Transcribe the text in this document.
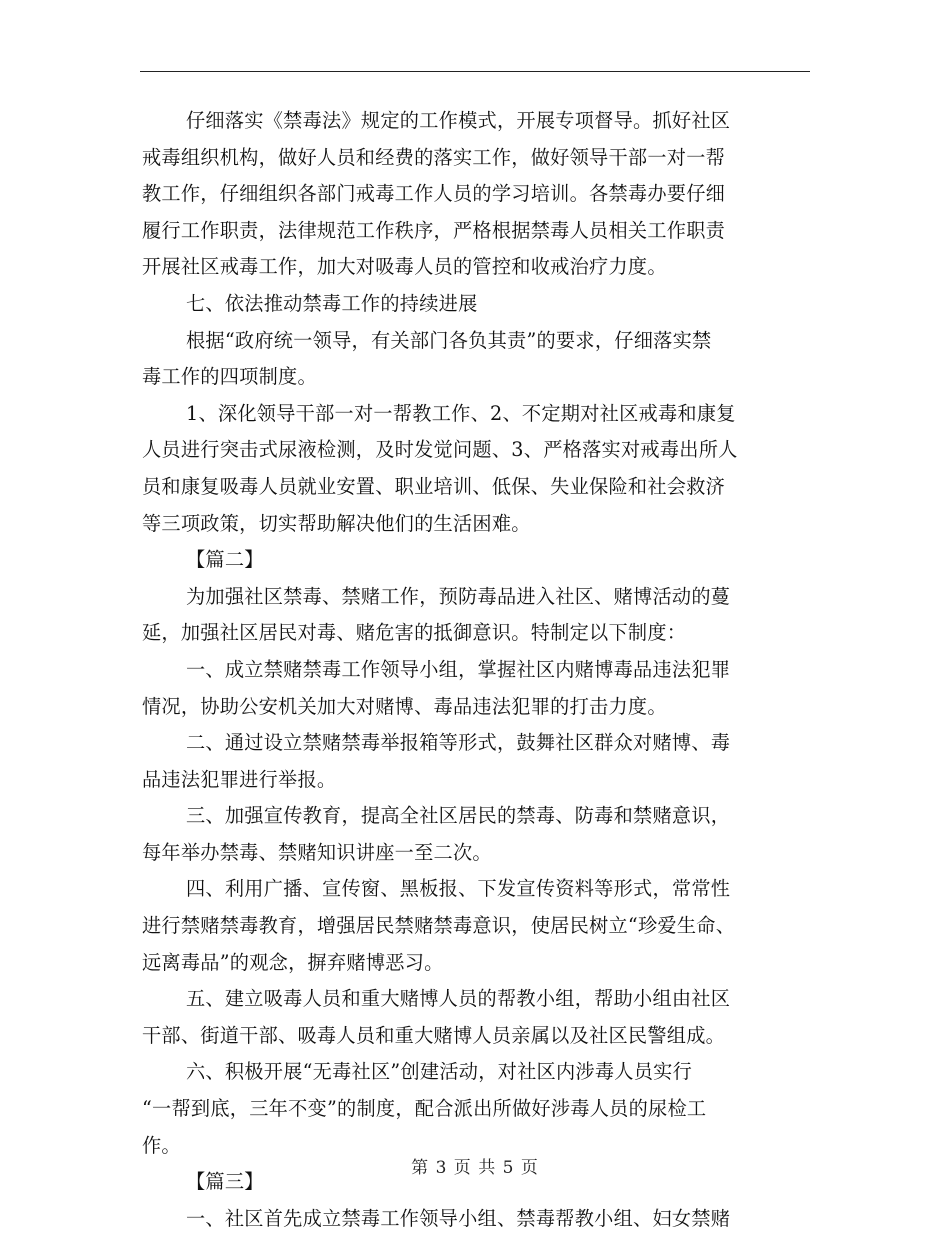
仔细落实《禁毒法》规定的工作模式，开展专项督导。抓好社区
戒毒组织机构，做好人员和经费的落实工作，做好领导干部一对一帮
教工作，仔细组织各部门戒毒工作人员的学习培训。各禁毒办要仔细
履行工作职责，法律规范工作秩序，严格根据禁毒人员相关工作职责
开展社区戒毒工作，加大对吸毒人员的管控和收戒治疗力度。
七、依法推动禁毒工作的持续进展
根据“政府统一领导，有关部门各负其责”的要求，仔细落实禁
毒工作的四项制度。
1、深化领导干部一对一帮教工作、2、不定期对社区戒毒和康复
人员进行突击式尿液检测，及时发觉问题、3、严格落实对戒毒出所人
员和康复吸毒人员就业安置、职业培训、低保、失业保险和社会救济
等三项政策，切实帮助解决他们的生活困难。
【篇二】
为加强社区禁毒、禁赌工作，预防毒品进入社区、赌博活动的蔓
延，加强社区居民对毒、赌危害的抵御意识。特制定以下制度：
一、成立禁赌禁毒工作领导小组，掌握社区内赌博毒品违法犯罪
情况，协助公安机关加大对赌博、毒品违法犯罪的打击力度。
二、通过设立禁赌禁毒举报箱等形式，鼓舞社区群众对赌博、毒
品违法犯罪进行举报。
三、加强宣传教育，提高全社区居民的禁毒、防毒和禁赌意识，
每年举办禁毒、禁赌知识讲座一至二次。
四、利用广播、宣传窗、黑板报、下发宣传资料等形式，常常性
进行禁赌禁毒教育，增强居民禁赌禁毒意识，使居民树立“珍爱生命、
远离毒品”的观念，摒弃赌博恶习。
五、建立吸毒人员和重大赌博人员的帮教小组，帮助小组由社区
干部、街道干部、吸毒人员和重大赌博人员亲属以及社区民警组成。
六、积极开展“无毒社区”创建活动，对社区内涉毒人员实行
“一帮到底，三年不变”的制度，配合派出所做好涉毒人员的尿检工
作。
【篇三】
一、社区首先成立禁毒工作领导小组、禁毒帮教小组、妇女禁赌
第 3 页 共 5 页
